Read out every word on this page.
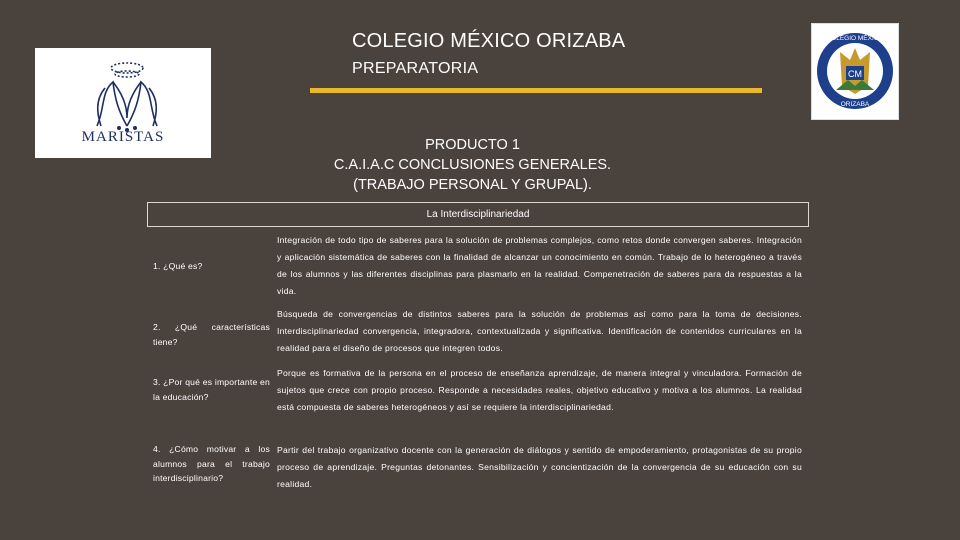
MARISTAS
CM
COLEGIO MÉXICO
ORIZABA
COLEGIO MÉXICO ORIZABA
PREPARATORIA
PRODUCTO 1
C.A.I.A.C CONCLUSIONES GENERALES.
(TRABAJO PERSONAL Y GRUPAL).
La Interdisciplinariedad
1. ¿Qué es?
Integración de todo tipo de saberes para la solución de problemas complejos, como retos donde convergen saberes. Integración y aplicación sistemática de saberes con la finalidad de alcanzar un conocimiento en común. Trabajo de lo heterogéneo a través de los alumnos y las diferentes disciplinas para plasmarlo en la realidad. Compenetración de saberes para da respuestas a la vida.
2. ¿Qué características tiene?
Búsqueda de convergencias de distintos saberes para la solución de problemas así como para la toma de decisiones. Interdisciplinariedad convergencia, integradora, contextualizada y significativa. Identificación de contenidos curriculares en la realidad para el diseño de procesos que integren todos.
3. ¿Por qué es importante en la educación?
Porque es formativa de la persona en el proceso de enseñanza aprendizaje, de manera integral y vinculadora. Formación de sujetos que crece con propio proceso. Responde a necesidades reales, objetivo educativo y motiva a los alumnos. La realidad está compuesta de saberes heterogéneos y así se requiere la interdisciplinariedad.
4. ¿Cómo motivar a los alumnos para el trabajo interdisciplinario?
Partir del trabajo organizativo docente con la generación de diálogos y sentido de empoderamiento, protagonistas de su propio proceso de aprendizaje. Preguntas detonantes. Sensibilización y concientización de la convergencia de su educación con su realidad.
